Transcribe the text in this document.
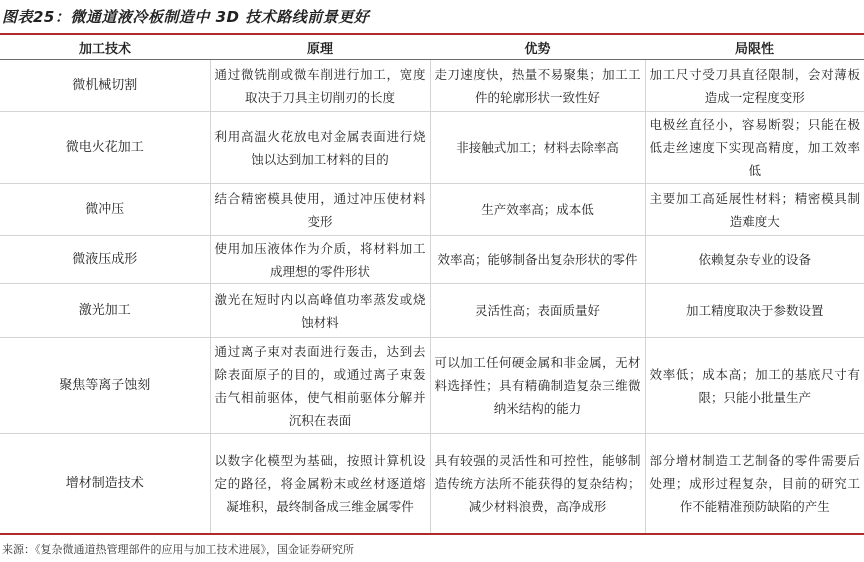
图表25：微通道液冷板制造中 3D 技术路线前景更好
加工技术	原理	优势	局限性
微机械切割	通过微铣削或微车削进行加工，宽度取决于刀具主切削刃的长度	走刀速度快，热量不易聚集；加工工件的轮廓形状一致性好	加工尺寸受刀具直径限制，会对薄板造成一定程度变形
微电火花加工	利用高温火花放电对金属表面进行烧蚀以达到加工材料的目的	非接触式加工；材料去除率高	电极丝直径小，容易断裂；只能在极低走丝速度下实现高精度，加工效率低
微冲压	结合精密模具使用，通过冲压使材料变形	生产效率高；成本低	主要加工高延展性材料；精密模具制造难度大
微液压成形	使用加压液体作为介质，将材料加工成理想的零件形状	效率高；能够制备出复杂形状的零件	依赖复杂专业的设备
激光加工	激光在短时内以高峰值功率蒸发或烧蚀材料	灵活性高；表面质量好	加工精度取决于参数设置
聚焦等离子蚀刻	通过离子束对表面进行轰击，达到去除表面原子的目的，或通过离子束轰击气相前驱体，使气相前驱体分解并沉积在表面	可以加工任何硬金属和非金属，无材料选择性；具有精确制造复杂三维微纳米结构的能力	效率低；成本高；加工的基底尺寸有限；只能小批量生产
增材制造技术	以数字化模型为基础，按照计算机设定的路径，将金属粉末或丝材逐道熔凝堆积，最终制备成三维金属零件	具有较强的灵活性和可控性，能够制造传统方法所不能获得的复杂结构；减少材料浪费，高净成形	部分增材制造工艺制备的零件需要后处理；成形过程复杂，目前的研究工作不能精准预防缺陷的产生
来源：《复杂微通道热管理部件的应用与加工技术进展》，国金证券研究所
